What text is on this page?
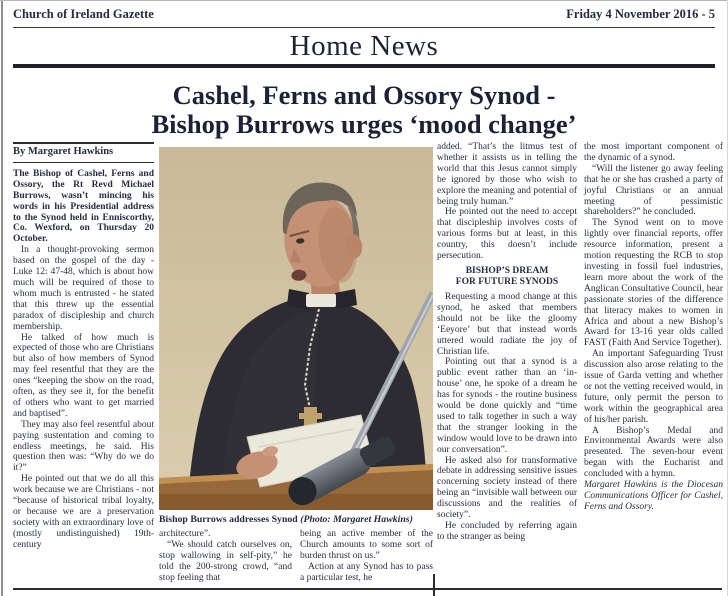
Church of Ireland Gazette	Friday 4 November 2016 - 5
Home News
Cashel, Ferns and Ossory Synod -
Bishop Burrows urges ‘mood change’
By Margaret Hawkins

The Bishop of Cashel, Ferns and Ossory, the Rt Revd Michael Burrows, wasn’t mincing his words in his Presidential address to the Synod held in Enniscorthy, Co. Wexford, on Thursday 20 October.

In a thought-provoking sermon based on the gospel of the day - Luke 12: 47-48, which is about how much will be required of those to whom much is entrusted - he stated that this threw up the essential paradox of discipleship and church membership.

He talked of how much is expected of those who are Christians but also of how members of Synod may feel resentful that they are the ones “keeping the show on the road, often, as they see it, for the benefit of others who want to get married and baptised”.

They may also feel resentful about paying sustentation and coming to endless meetings, he said. His question then was: “Why do we do it?”

He pointed out that we do all this work because we are Christians - not “because of historical tribal loyalty, or because we are a preservation society with an extraordinary love of (mostly undistinguished) 19th-century

Bishop Burrows addresses Synod (Photo: Margaret Hawkins)

architecture”.

“We should catch ourselves on, stop wallowing in self-pity,” he told the 200-strong crowd, “and stop feeling that

being an active member of the Church amounts to some sort of burden thrust on us.”

Action at any Synod has to pass a particular test, he

added. “That’s the litmus test of whether it assists us in telling the world that this Jesus cannot simply be ignored by those who wish to explore the meaning and potential of being truly human.”

He pointed out the need to accept that discipleship involves costs of various forms but at least, in this country, this doesn’t include persecution.

BISHOP’S DREAM
FOR FUTURE SYNODS

Requesting a mood change at this synod, he asked that members should not be like the gloomy ‘Eeyore’ but that instead words uttered would radiate the joy of Christian life.

Pointing out that a synod is a public event rather than an ‘in-house’ one, he spoke of a dream he has for synods - the routine business would be done quickly and “time used to talk together in such a way that the stranger looking in the window would love to be drawn into our conversation”.

He asked also for transformative debate in addressing sensitive issues concerning society instead of there being an “invisible wall between our discussions and the realities of society”.

He concluded by referring again to the stranger as being

the most important component of the dynamic of a synod.

“Will the listener go away feeling that he or she has crashed a party of joyful Christians or an annual meeting of pessimistic shareholders?” he concluded.

The Synod went on to move lightly over financial reports, offer resource information, present a motion requesting the RCB to stop investing in fossil fuel industries, learn more about the work of the Anglican Consultative Council, hear passionate stories of the difference that literacy makes to women in Africa and about a new Bishop’s Award for 13-16 year olds called FAST (Faith And Service Together).

An important Safeguarding Trust discussion also arose relating to the issue of Garda vetting and whether or not the vetting received would, in future, only permit the person to work within the geographical area of his/her parish.

A Bishop’s Medal and Environmental Awards were also presented. The seven-hour event began with the Eucharist and concluded with a hymn.

Margaret Hawkins is the Diocesan Communications Officer for Cashel, Ferns and Ossory.
